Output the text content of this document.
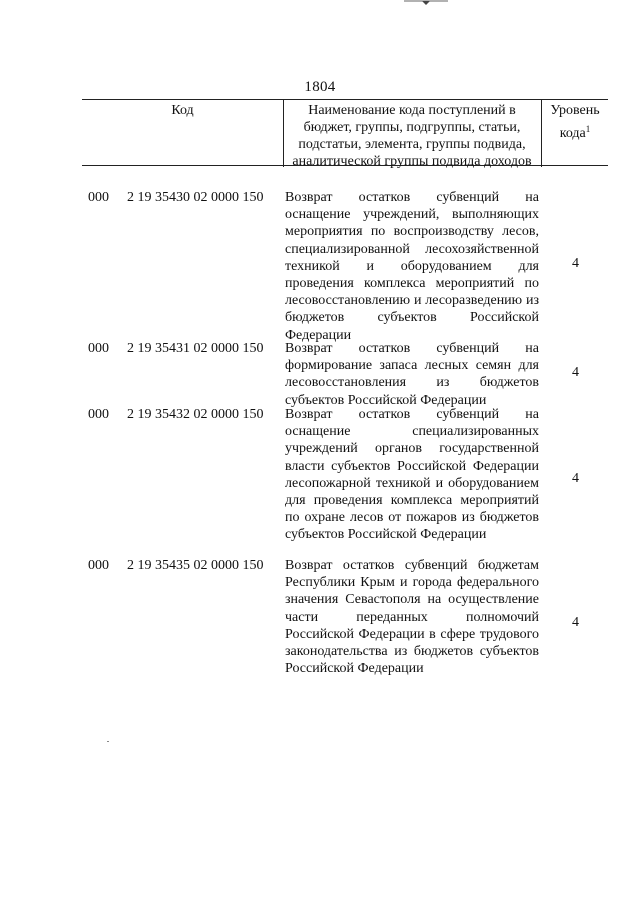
1804
Код	Наименование кода поступлений в бюджет, группы, подгруппы, статьи, подстатьи, элемента, группы подвида, аналитической группы подвида доходов
Уровень кода$^1$
000 2 19 35430 02 0000 150 Возврат остатков субвенций на оснащение учреждений, выполняющих мероприятия по воспроизводству лесов, специализированной лесохозяйственной техникой и оборудованием для проведения комплекса мероприятий по лесовосстановлению и лесоразведению из бюджетов субъектов Российской Федерации
4
000 2 19 35431 02 0000 150 Возврат остатков субвенций на формирование запаса лесных семян для лесовосстановления из бюджетов субъектов Российской Федерации
4
000 2 19 35432 02 0000 150 Возврат остатков субвенций на оснащение специализированных учреждений органов государственной власти субъектов Российской Федерации лесопожарной техникой и оборудованием для проведения комплекса мероприятий по охране лесов от пожаров из бюджетов субъектов Российской Федерации
4
000 2 19 35435 02 0000 150 Возврат остатков субвенций бюджетам Республики Крым и города федерального значения Севастополя на осуществление части переданных полномочий Российской Федерации в сфере трудового законодательства из бюджетов субъектов Российской Федерации
4
